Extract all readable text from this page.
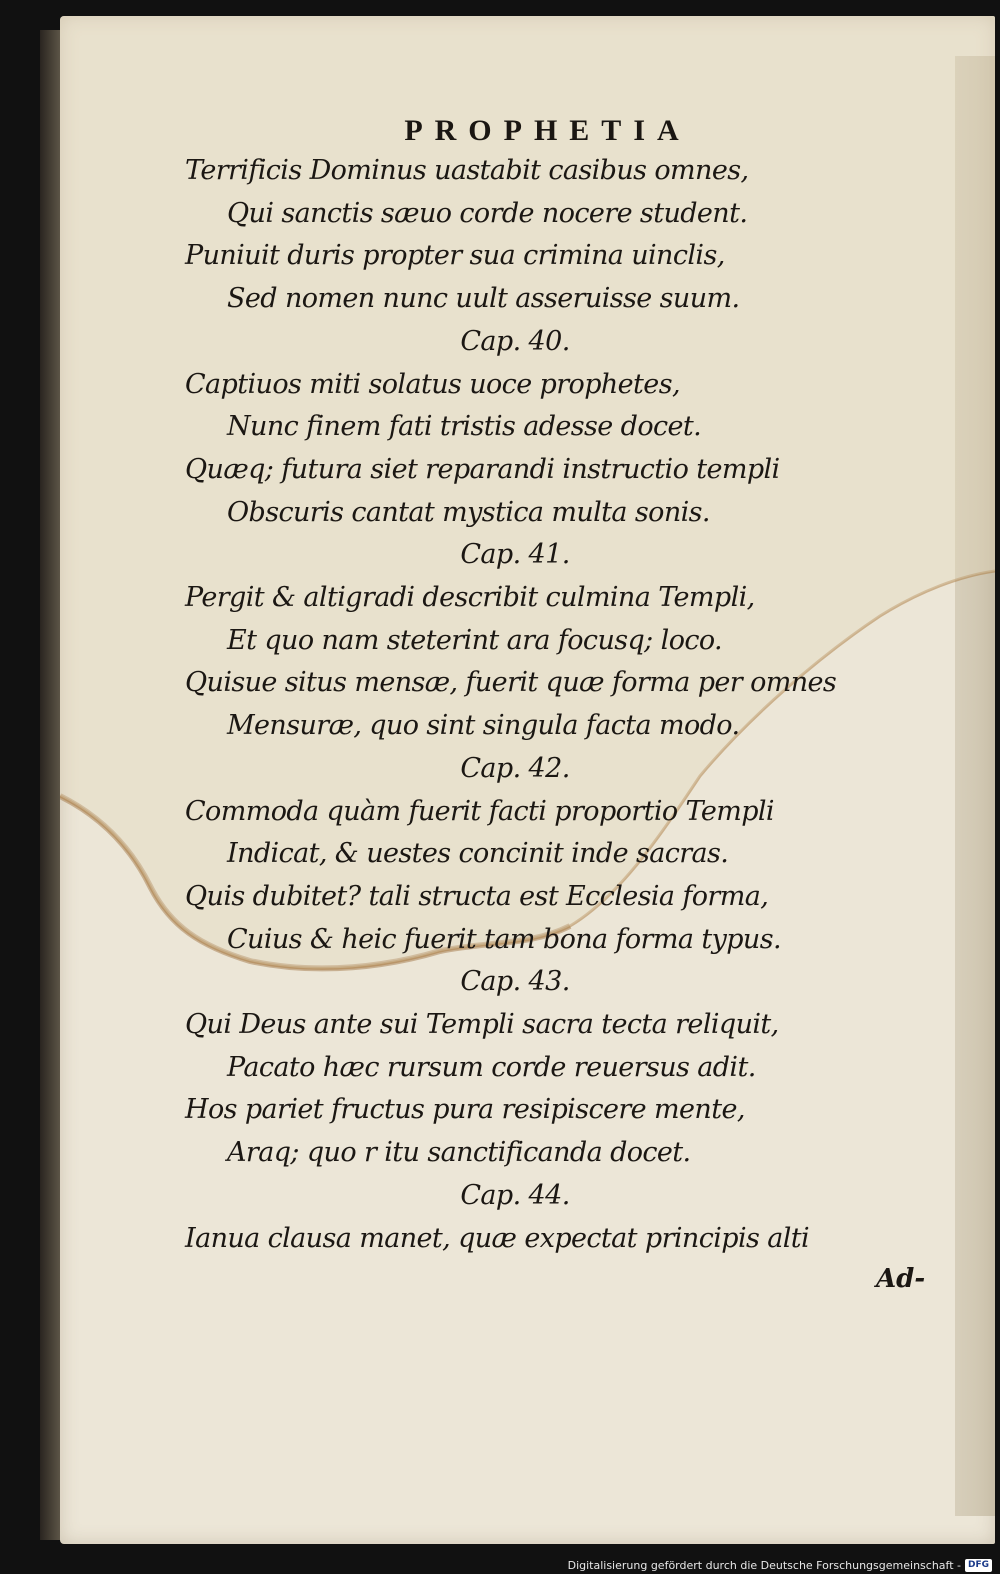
PROPHETIA
Terrificis Dominus uastabit casibus omnes,
Qui sanctis sæuo corde nocere student.
Puniuit duris propter sua crimina uinclis,
Sed nomen nunc uult asseruisse suum.
Cap. 40.
Captiuos miti solatus uoce prophetes,
Nunc finem fati tristis adesse docet.
Quæq; futura siet reparandi instructio templi
Obscuris cantat mystica multa sonis.
Cap. 41.
Pergit & altigradi describit culmina Templi,
Et quo nam steterint ara focusq; loco.
Quisue situs mensæ, fuerit quæ forma per omnes
Mensuræ, quo sint singula facta modo.
Cap. 42.
Commoda quàm fuerit facti proportio Templi
Indicat, & uestes concinit inde sacras.
Quis dubitet? tali structa est Ecclesia forma,
Cuius & heic fuerit tam bona forma typus.
Cap. 43.
Qui Deus ante sui Templi sacra tecta reliquit,
Pacato hæc rursum corde reuersus adit.
Hos pariet fructus pura resipiscere mente,
Araq; quo r itu sanctificanda docet.
Cap. 44.
Ianua clausa manet, quæ expectat principis alti
Ad-
Digitalisierung gefördert durch die Deutsche Forschungsgemeinschaft - DFG
